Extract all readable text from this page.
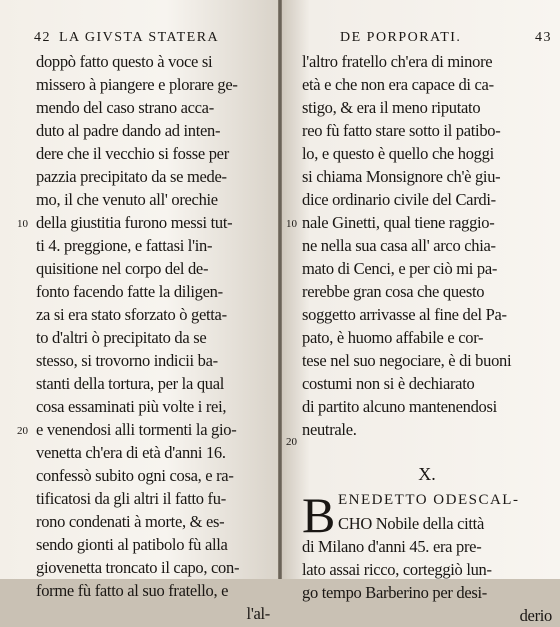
42 LA GIVSTA STATERA
10
20
doppò fatto questo à voce si
missero à piangere e plorare ge-
mendo del caso strano acca-
duto al padre dando ad inten-
dere che il vecchio si fosse per
pazzia precipitato da se mede-
mo, il che venuto all' orechie
della giustitia furono messi tut-
ti 4. preggione, e fattasi l'in-
quisitione nel corpo del de-
fonto facendo fatte la diligen-
za si era stato sforzato ò getta-
to d'altri ò precipitato da se
stesso, si trovorno indicii ba-
stanti della tortura, per la qual
cosa essaminati più volte i rei,
e venendosi alli tormenti la gio-
venetta ch'era di età d'anni 16.
confessò subito ogni cosa, e ra-
tificatosi da gli altri il fatto fu-
rono condenati à morte, & es-
sendo gionti al patibolo fù alla
giovenetta troncato il capo, con-
forme fù fatto al suo fratello, e
l'al-
DE PORPORATI.	43
10
20
l'altro fratello ch'era di minore
età e che non era capace di ca-
stigo, & era il meno riputato
reo fù fatto stare sotto il patibo-
lo, e questo è quello che hoggi
si chiama Monsignore ch'è giu-
dice ordinario civile del Cardi-
nale Ginetti, qual tiene raggio-
ne nella sua casa all' arco chia-
mato di Cenci, e per ciò mi pa-
rerebbe gran cosa che questo
soggetto arrivasse al fine del Pa-
pato, è huomo affabile e cor-
tese nel suo negociare, è di buoni
costumi non si è dechiarato
di partito alcuno mantenendosi
neutrale.
X.
B ENEDETTO ODESCAL-
CHO Nobile della città
di Milano d'anni 45. era pre-
lato assai ricco, corteggiò lun-
go tempo Barberino per desi-
derio
